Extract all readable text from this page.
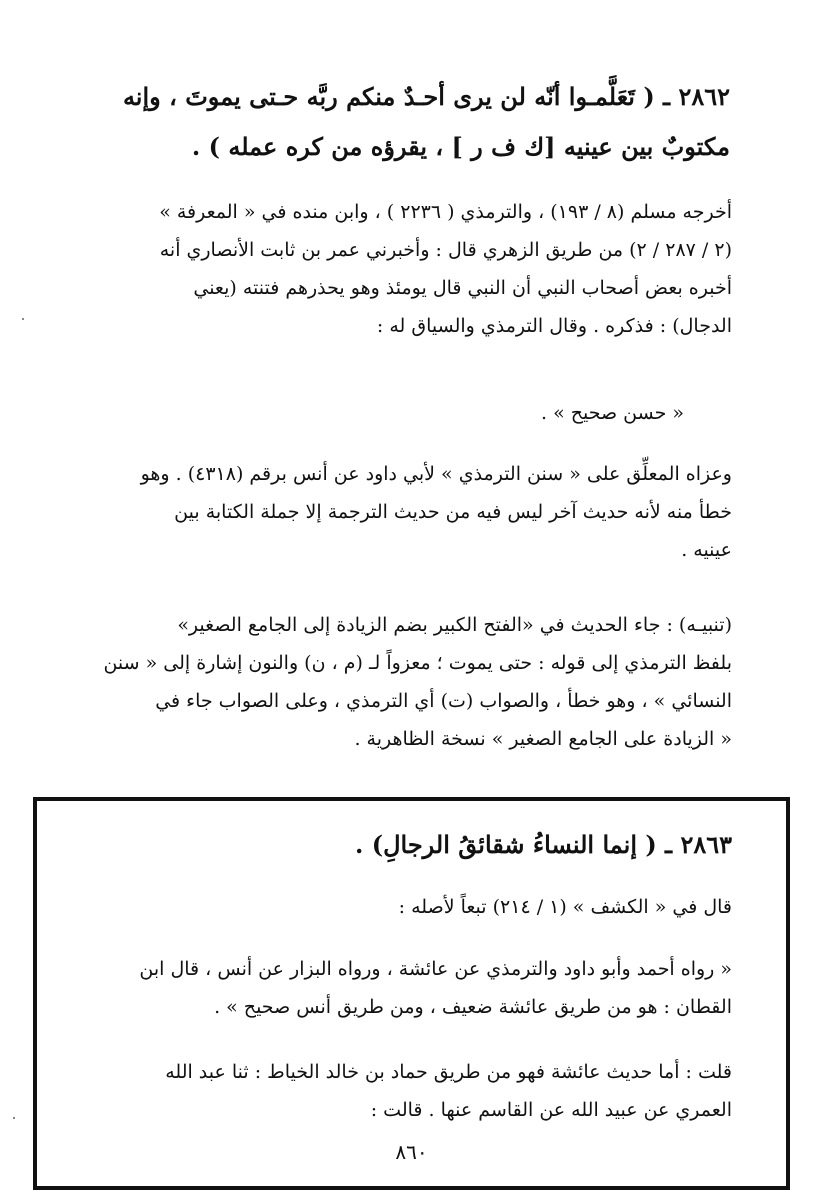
٢٨٦٢ ـ ( تَعَلَّمـوا أنّه لن يرى أحـدٌ منكم ربَّه حـتى يموتَ ، وإنه
مكتوبٌ بين عينيه [ك ف ر ] ، يقرؤه من كره عمله ) .
أخرجه مسلم (٨ / ١٩٣) ، والترمذي ( ٢٢٣٦ ) ، وابن منده في « المعرفة »
(٢ / ٢٨٧ / ٢) من طريق الزهري قال : وأخبرني عمر بن ثابت الأنصاري أنه
أخبره بعض أصحاب النبي أن النبي قال يومئذ وهو يحذرهم فتنته (يعني
الدجال) : فذكره . وقال الترمذي والسياق له :
« حسن صحيح » .
وعزاه المعلِّق على « سنن الترمذي » لأبي داود عن أنس برقم (٤٣١٨) . وهو
خطأ منه لأنه حديث آخر ليس فيه من حديث الترجمة إلا جملة الكتابة بين
عينيه .
(تنبيـه) : جاء الحديث في «الفتح الكبير بضم الزيادة إلى الجامع الصغير»
بلفظ الترمذي إلى قوله : حتى يموت ؛ معزواً لـ (م ، ن) والنون إشارة إلى « سنن
النسائي » ، وهو خطأ ، والصواب (ت) أي الترمذي ، وعلى الصواب جاء في
« الزيادة على الجامع الصغير » نسخة الظاهرية .
٢٨٦٣ ـ ( إنما النساءُ شقائقُ الرجالِ) .
قال في « الكشف » (١ / ٢١٤) تبعاً لأصله :
« رواه أحمد وأبو داود والترمذي عن عائشة ، ورواه البزار عن أنس ، قال ابن
القطان : هو من طريق عائشة ضعيف ، ومن طريق أنس صحيح » .
قلت : أما حديث عائشة فهو من طريق حماد بن خالد الخياط : ثنا عبد الله
العمري عن عبيد الله عن القاسم عنها . قالت :
٨٦٠
